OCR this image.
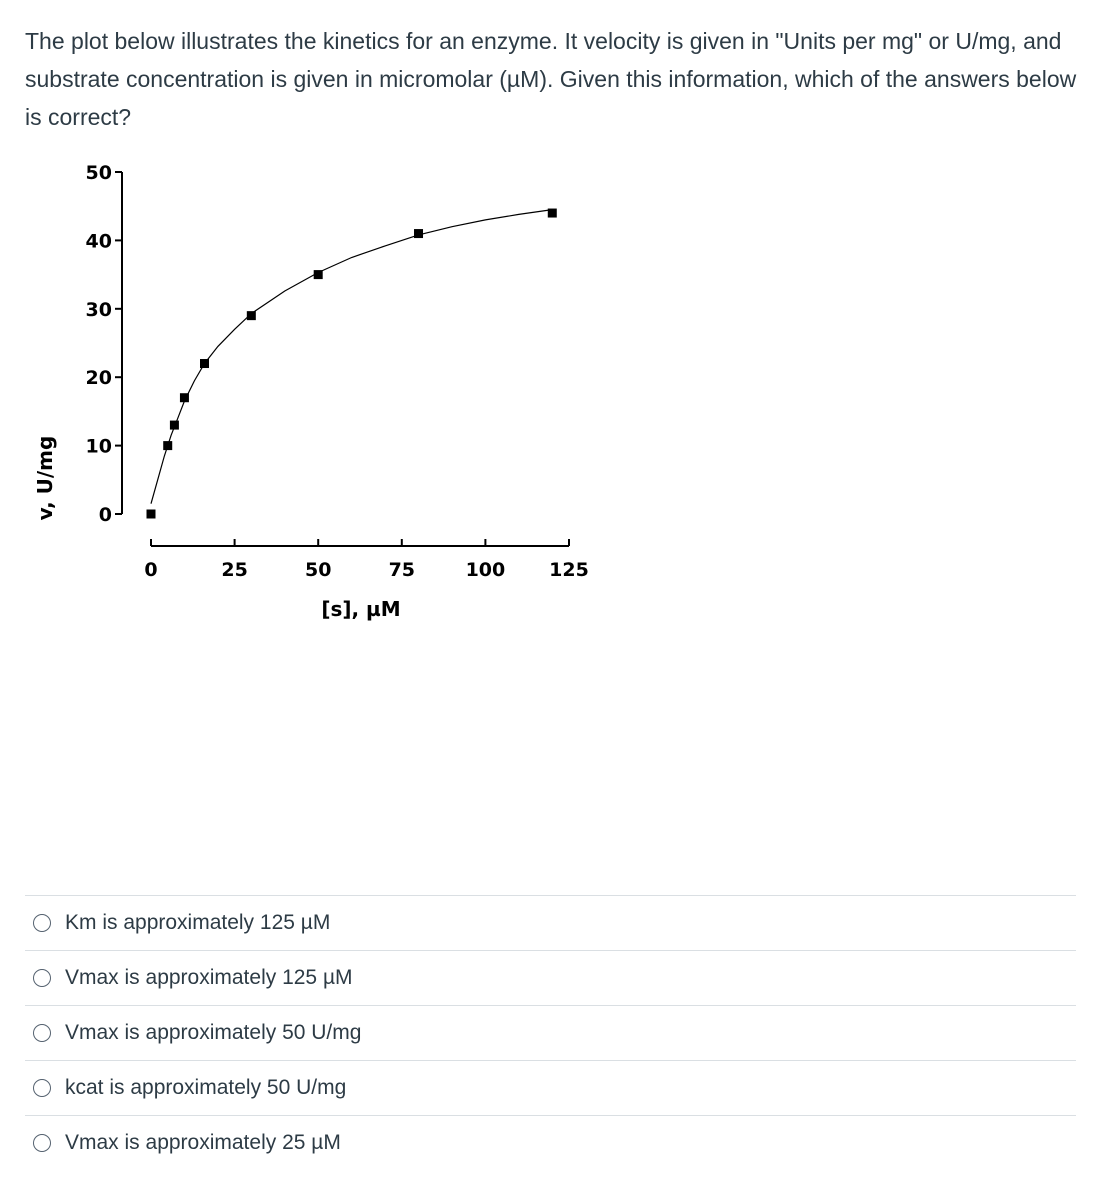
The plot below illustrates the kinetics for an enzyme. It velocity is given in "Units per mg" or U/mg, and substrate concentration is given in micromolar (µM). Given this information, which of the answers below is correct?

0
10
20
30
40
50
0	25	50	75	100 125
v, U/mg
[s], µM
Km is approximately 125 µM
Vmax is approximately 125 µM
Vmax is approximately 50 U/mg
kcat is approximately 50 U/mg
Vmax is approximately 25 µM
